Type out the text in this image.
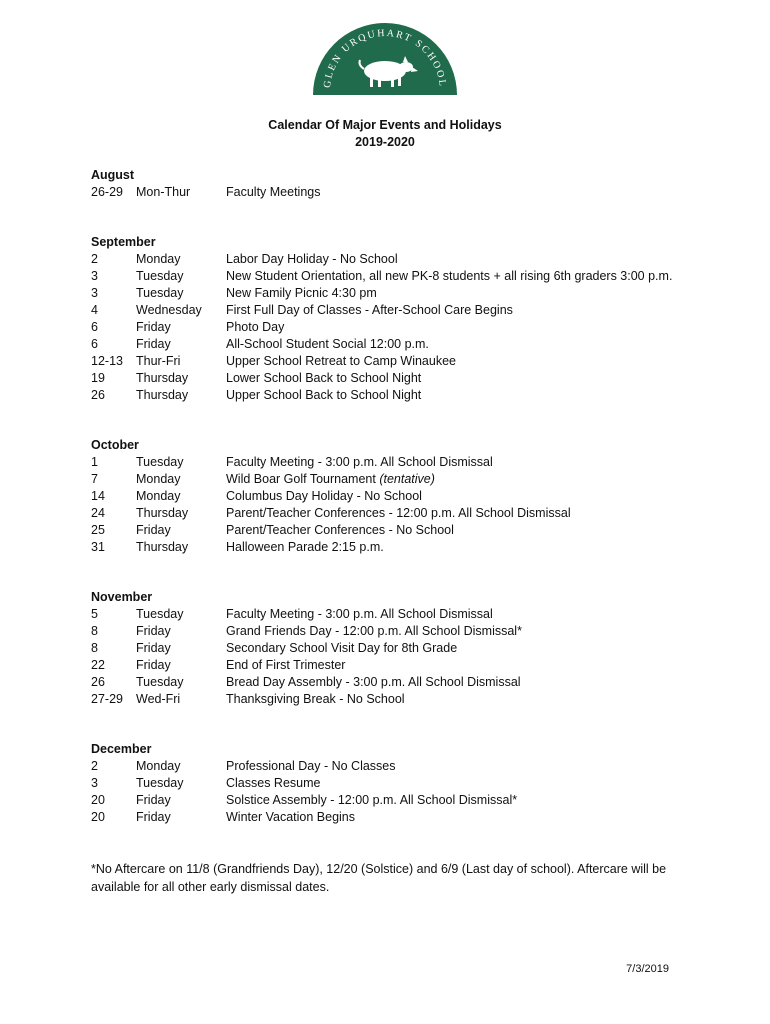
GLEN URQUHART SCHOOL
Calendar Of Major Events and Holidays
2019-2020
August
26-29	Mon-Thur	Faculty Meetings
September
2	Monday	Labor Day Holiday - No School
3	Tuesday	New Student Orientation, all new PK-8 students + all rising 6th graders 3:00 p.m.
3	Tuesday	New Family Picnic 4:30 pm
4	Wednesday	First Full Day of Classes - After-School Care Begins
6	Friday	Photo Day
6	Friday	All-School Student Social 12:00 p.m.
12-13	Thur-Fri	Upper School Retreat to Camp Winaukee
19	Thursday	Lower School Back to School Night
26	Thursday	Upper School Back to School Night
October
1	Tuesday	Faculty Meeting - 3:00 p.m. All School Dismissal
7	Monday	Wild Boar Golf Tournament (tentative)
14	Monday	Columbus Day Holiday - No School
24	Thursday	Parent/Teacher Conferences - 12:00 p.m. All School Dismissal
25	Friday	Parent/Teacher Conferences - No School
31	Thursday	Halloween Parade 2:15 p.m.
November
5	Tuesday	Faculty Meeting - 3:00 p.m. All School Dismissal
8	Friday	Grand Friends Day - 12:00 p.m. All School Dismissal*
8	Friday	Secondary School Visit Day for 8th Grade
22	Friday	End of First Trimester
26	Tuesday	Bread Day Assembly - 3:00 p.m. All School Dismissal
27-29	Wed-Fri	Thanksgiving Break - No School
December
2	Monday	Professional Day - No Classes
3	Tuesday	Classes Resume
20	Friday	Solstice Assembly - 12:00 p.m. All School Dismissal*
20	Friday	Winter Vacation Begins
*No Aftercare on 11/8 (Grandfriends Day), 12/20 (Solstice) and 6/9 (Last day of school). Aftercare will be available for all other early dismissal dates.
7/3/2019
